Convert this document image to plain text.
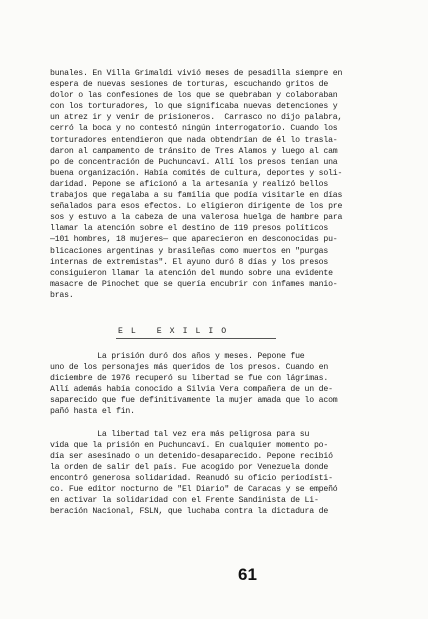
bunales. En Villa Grimaldi vivió meses de pesadilla siempre en
espera de nuevas sesiones de torturas, escuchando gritos de
dolor o las confesiones de los que se quebraban y colaboraban
con los torturadores, lo que significaba nuevas detenciones y
un atrez ir y venir de prisioneros.  Carrasco no dijo palabra,
cerró la boca y no contestó ningún interrogatorio. Cuando los
torturadores entendieron que nada obtendrían de él lo trasla-
daron al campamento de tránsito de Tres Alamos y luego al cam
po de concentración de Puchuncaví. Allí los presos tenían una
buena organización. Había comités de cultura, deportes y soli-
daridad. Pepone se aficionó a la artesanía y realizó bellos
trabajos que regalaba a su familia que podía visitarle en días
señalados para esos efectos. Lo eligieron dirigente de los pre
sos y estuvo a la cabeza de una valerosa huelga de hambre para
llamar la atención sobre el destino de 119 presos políticos
—101 hombres, 18 mujeres— que aparecieron en desconocidas pu-
blicaciones argentinas y brasileñas como muertos en "purgas
internas de extremistas". El ayuno duró 8 días y los presos
consiguieron llamar la atención del mundo sobre una evidente
masacre de Pinochet que se quería encubrir con infames manio-
bras.
EL EXILIO
La prisión duró dos años y meses. Pepone fue
uno de los personajes más queridos de los presos. Cuando en
diciembre de 1976 recuperó su libertad se fue con lágrimas.
Allí además había conocido a Silvia Vera compañera de un de-
saparecido que fue definitivamente la mujer amada que lo acom
pañó hasta el fin.
La libertad tal vez era más peligrosa para su
vida que la prisión en Puchuncaví. En cualquier momento po-
día ser asesinado o un detenido-desaparecido. Pepone recibió
la orden de salir del país. Fue acogido por Venezuela donde
encontró generosa solidaridad. Reanudó su oficio periodísti-
co. Fue editor nocturno de "El Diario" de Caracas y se empeñó
en activar la solidaridad con el Frente Sandinista de Li-
beración Nacional, FSLN, que luchaba contra la dictadura de
61
